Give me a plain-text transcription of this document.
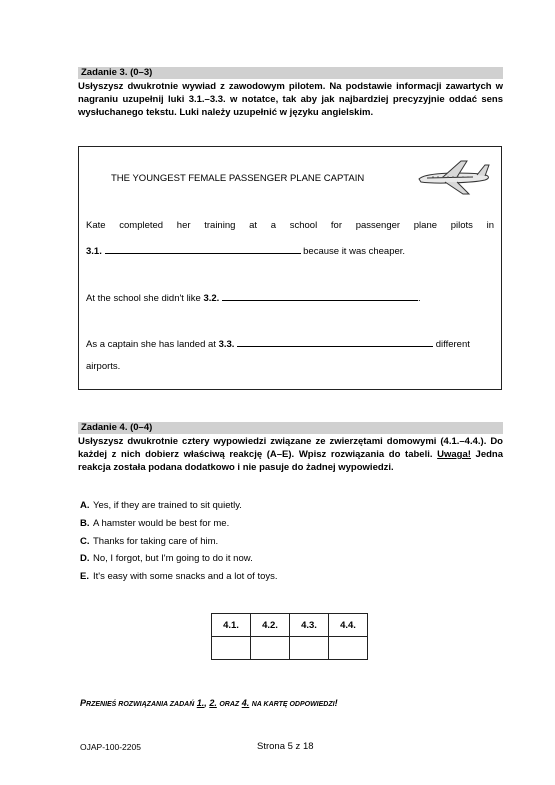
Zadanie 3. (0–3)
Usłyszysz dwukrotnie wywiad z zawodowym pilotem. Na podstawie informacji zawartych w nagraniu uzupełnij luki 3.1.–3.3. w notatce, tak aby jak najbardziej precyzyjnie oddać sens wysłuchanego tekstu. Luki należy uzupełnić w języku angielskim.
THE YOUNGEST FEMALE PASSENGER PLANE CAPTAIN
Kate completed her training at a school for passenger plane pilots in
3.1.	because it was cheaper.
At the school she didn't like 3.2.	.
As a captain she has landed at 3.3.	different
airports.
Zadanie 4. (0–4)
Usłyszysz dwukrotnie cztery wypowiedzi związane ze zwierzętami domowymi (4.1.–4.4.). Do każdej z nich dobierz właściwą reakcję (A–E). Wpisz rozwiązania do tabeli. Uwaga! Jedna reakcja została podana dodatkowo i nie pasuje do żadnej wypowiedzi.
A. Yes, if they are trained to sit quietly.
B. A hamster would be best for me.
C. Thanks for taking care of him.
D. No, I forgot, but I'm going to do it now.
E. It's easy with some snacks and a lot of toys.
4.1.	4.2.	4.3.	4.4.

PRZENIEŚ ROZWIĄZANIA ZADAŃ 1., 2. ORAZ 4. NA KARTĘ ODPOWIEDZI!
OJAP-100-2205	Strona 5 z 18
